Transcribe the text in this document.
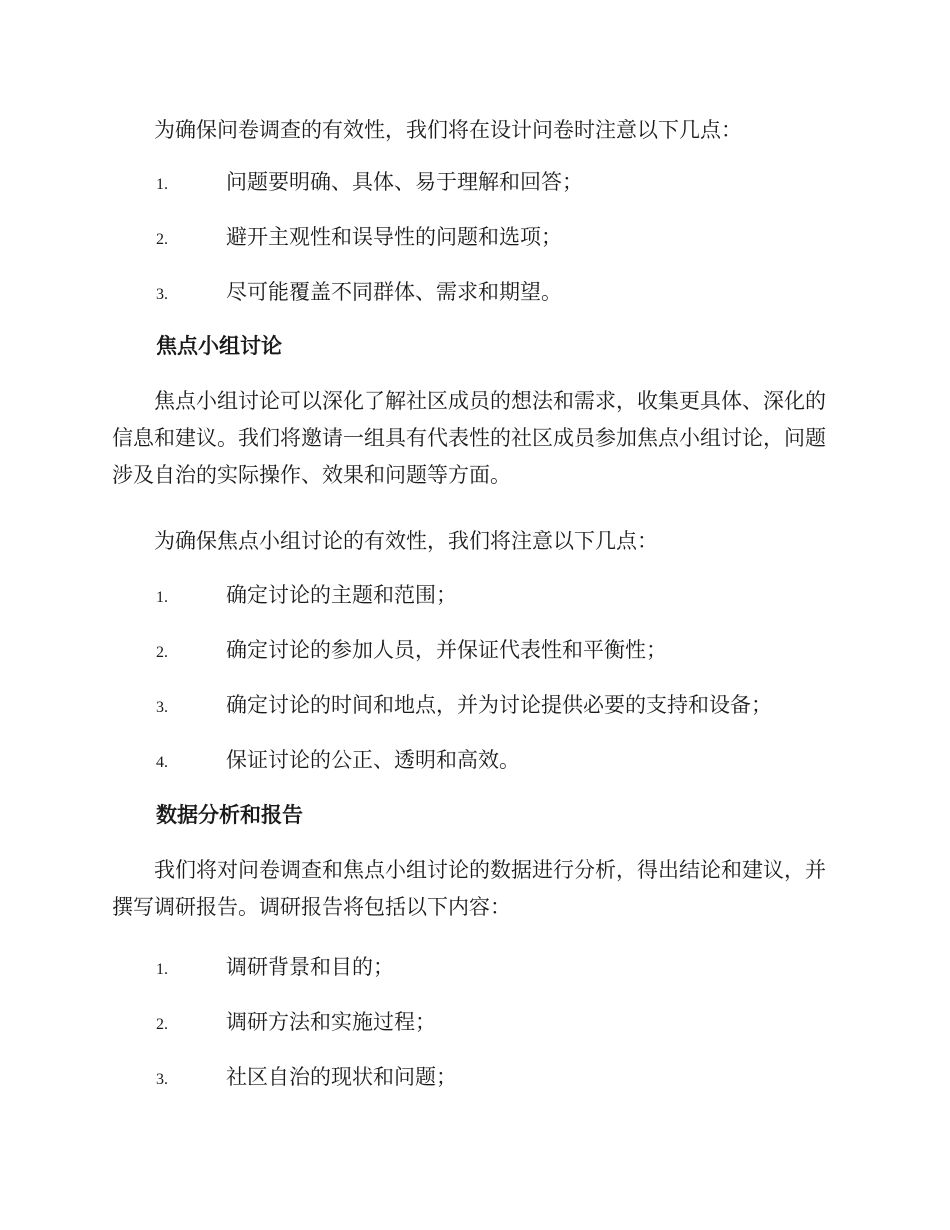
为确保问卷调查的有效性，我们将在设计问卷时注意以下几点：
1.	问题要明确、具体、易于理解和回答；
2.	避开主观性和误导性的问题和选项；
3.	尽可能覆盖不同群体、需求和期望。
焦点小组讨论
焦点小组讨论可以深化了解社区成员的想法和需求，收集更具体、深化的信息和建议。我们将邀请一组具有代表性的社区成员参加焦点小组讨论，问题涉及自治的实际操作、效果和问题等方面。
为确保焦点小组讨论的有效性，我们将注意以下几点：
1.	确定讨论的主题和范围；
2.	确定讨论的参加人员，并保证代表性和平衡性；
3.	确定讨论的时间和地点，并为讨论提供必要的支持和设备；
4.	保证讨论的公正、透明和高效。
数据分析和报告
我们将对问卷调查和焦点小组讨论的数据进行分析，得出结论和建议，并撰写调研报告。调研报告将包括以下内容：
1.	调研背景和目的；
2.	调研方法和实施过程；
3.	社区自治的现状和问题；
